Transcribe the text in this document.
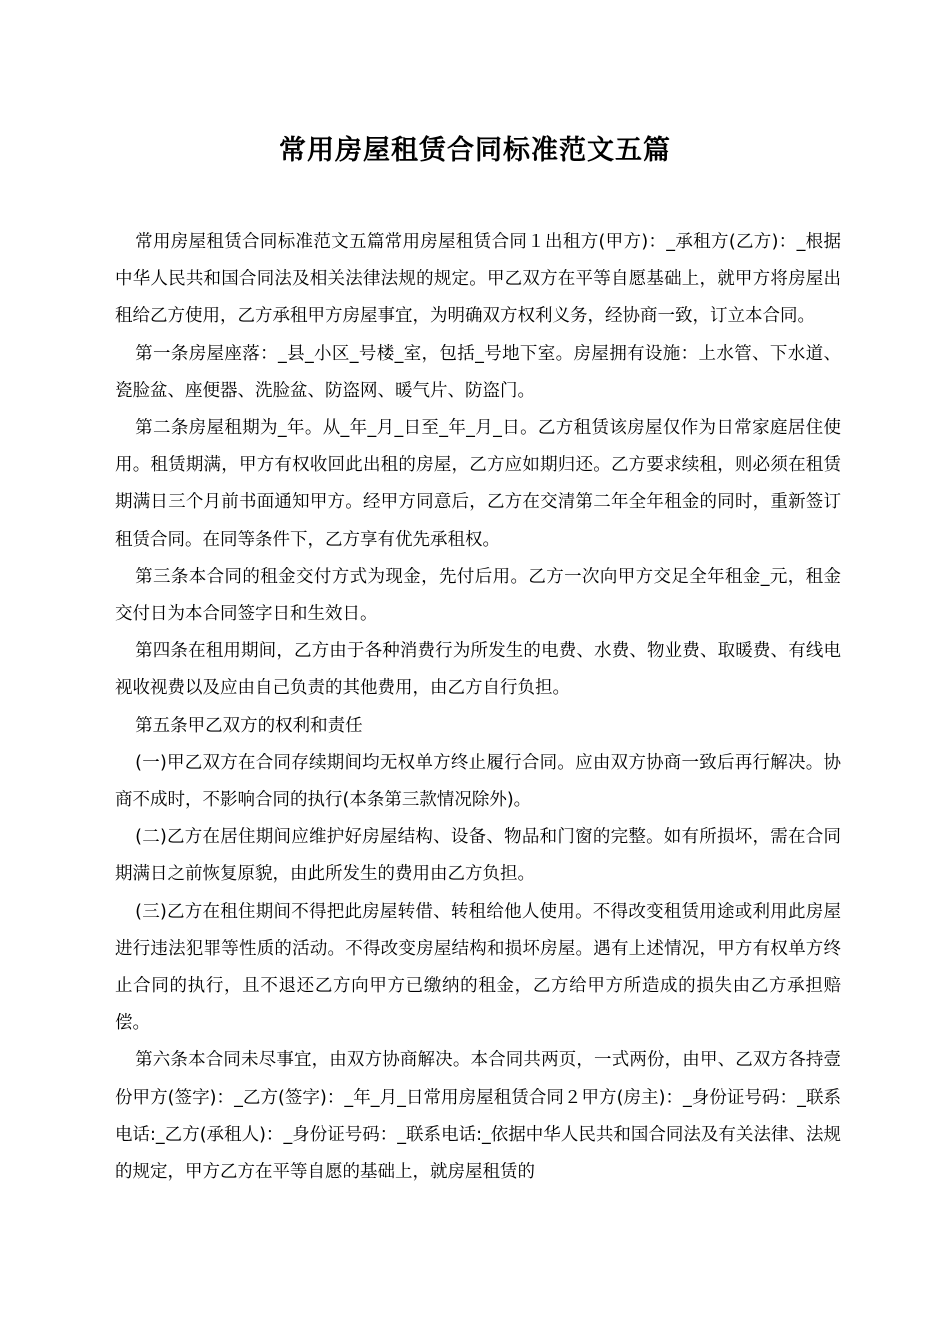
常用房屋租赁合同标准范文五篇

常用房屋租赁合同标准范文五篇常用房屋租赁合同１出租方(甲方)：_承租方(乙方)：_根据中华人民共和国合同法及相关法律法规的规定。甲乙双方在平等自愿基础上，就甲方将房屋出租给乙方使用，乙方承租甲方房屋事宜，为明确双方权利义务，经协商一致，订立本合同。

第一条房屋座落：_县_小区_号楼_室，包括_号地下室。房屋拥有设施：上水管、下水道、瓷脸盆、座便器、洗脸盆、防盗网、暖气片、防盗门。

第二条房屋租期为_年。从_年_月_日至_年_月_日。乙方租赁该房屋仅作为日常家庭居住使用。租赁期满，甲方有权收回此出租的房屋，乙方应如期归还。乙方要求续租，则必须在租赁期满日三个月前书面通知甲方。经甲方同意后，乙方在交清第二年全年租金的同时，重新签订租赁合同。在同等条件下，乙方享有优先承租权。

第三条本合同的租金交付方式为现金，先付后用。乙方一次向甲方交足全年租金_元，租金交付日为本合同签字日和生效日。

第四条在租用期间，乙方由于各种消费行为所发生的电费、水费、物业费、取暖费、有线电视收视费以及应由自己负责的其他费用，由乙方自行负担。

第五条甲乙双方的权利和责任

(一)甲乙双方在合同存续期间均无权单方终止履行合同。应由双方协商一致后再行解决。协商不成时，不影响合同的执行(本条第三款情况除外)。

(二)乙方在居住期间应维护好房屋结构、设备、物品和门窗的完整。如有所损坏，需在合同期满日之前恢复原貌，由此所发生的费用由乙方负担。

(三)乙方在租住期间不得把此房屋转借、转租给他人使用。不得改变租赁用途或利用此房屋进行违法犯罪等性质的活动。不得改变房屋结构和损坏房屋。遇有上述情况，甲方有权单方终止合同的执行，且不退还乙方向甲方已缴纳的租金，乙方给甲方所造成的损失由乙方承担赔偿。

第六条本合同未尽事宜，由双方协商解决。本合同共两页，一式两份，由甲、乙双方各持壹份甲方(签字)：_乙方(签字)：_年_月_日常用房屋租赁合同２甲方(房主)：_身份证号码：_联系电话:_乙方(承租人)：_身份证号码：_联系电话:_依据中华人民共和国合同法及有关法律、法规的规定，甲方乙方在平等自愿的基础上，就房屋租赁的
